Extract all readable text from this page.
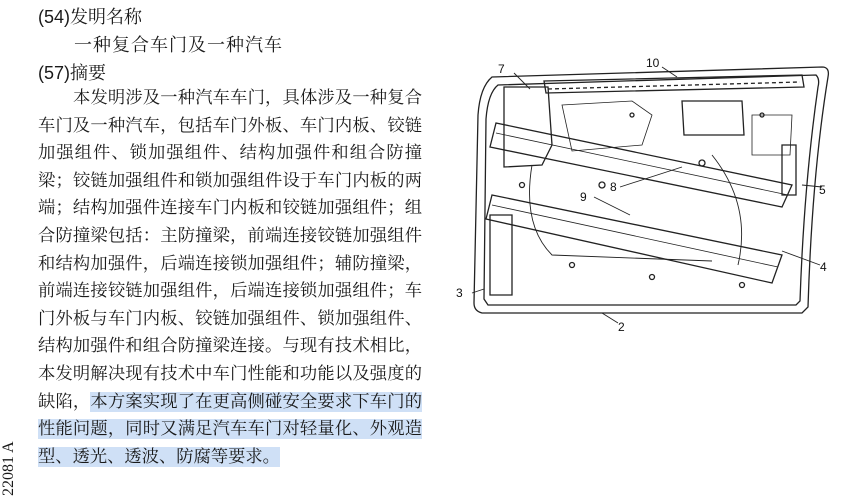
(54)发明名称
一种复合车门及一种汽车
(57)摘要

本发明涉及一种汽车车门，具体涉及一种复合车门及一种汽车，包括车门外板、车门内板、铰链加强组件、锁加强组件、结构加强件和组合防撞梁；铰链加强组件和锁加强组件设于车门内板的两端；结构加强件连接车门内板和铰链加强组件；组合防撞梁包括：主防撞梁，前端连接铰链加强组件和结构加强件，后端连接锁加强组件；辅防撞梁，前端连接铰链加强组件，后端连接锁加强组件；车门外板与车门内板、铰链加强组件、锁加强组件、结构加强件和组合防撞梁连接。与现有技术相比，本发明解决现有技术中车门性能和功能以及强度的缺陷，本方案实现了在更高侧碰安全要求下车门的性能问题，同时又满足汽车车门对轻量化、外观造型、透光、透波、防腐等要求。

22081 A
7	10
5
8
9
4
3
2
